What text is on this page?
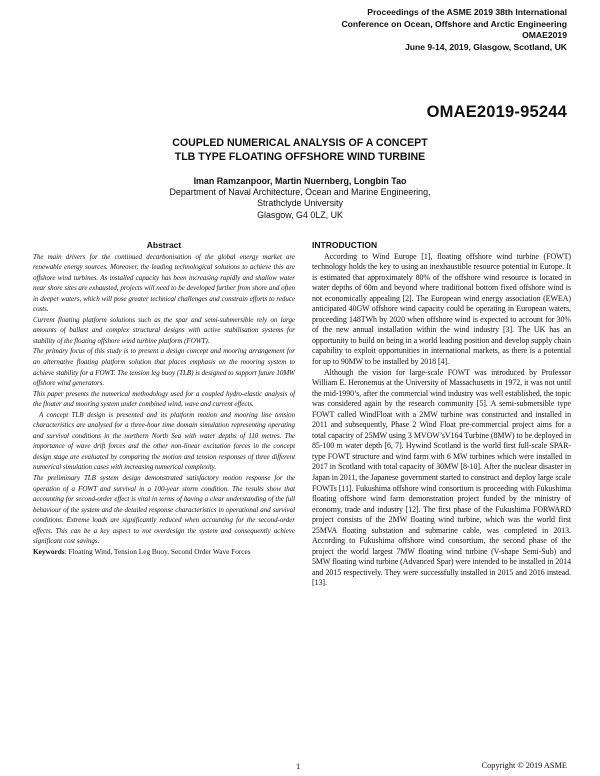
Proceedings of the ASME 2019 38th International
Conference on Ocean, Offshore and Arctic Engineering
OMAE2019
June 9-14, 2019, Glasgow, Scotland, UK
OMAE2019-95244
COUPLED NUMERICAL ANALYSIS OF A CONCEPT
TLB TYPE FLOATING OFFSHORE WIND TURBINE
Iman Ramzanpoor, Martin Nuernberg, Longbin Tao
Department of Naval Architecture, Ocean and Marine Engineering,
Strathclyde University
Glasgow, G4 0LZ, UK
Abstract

The main drivers for the continued decarbonisation of the global energy market are renewable energy sources. Moreover, the leading technological solutions to achieve this are offshore wind turbines. As installed capacity has been increasing rapidly and shallow water near shore sites are exhausted, projects will need to be developed further from shore and often in deeper waters, which will pose greater technical challenges and constrain efforts to reduce costs.

Current floating platform solutions such as the spar and semi-submersible rely on large amounts of ballast and complex structural designs with active stabilisation systems for stability of the floating offshore wind turbine platform (FOWT).

The primary focus of this study is to present a design concept and mooring arrangement for an alternative floating platform solution that places emphasis on the mooring system to achieve stability for a FOWT. The tension leg buoy (TLB) is designed to support future 10MW offshore wind generators.

This paper presents the numerical methodology used for a coupled hydro-elastic analysis of the floater and mooring system under combined wind, wave and current effects.

A concept TLB design is presented and its platform motion and mooring line tension characteristics are analysed for a three-hour time domain simulation representing operating and survival conditions in the northern North Sea with water depths of 110 metres. The importance of wave drift forces and the other non-linear excitation forces in the concept design stage are evaluated by comparing the motion and tension responses of three different numerical simulation cases with increasing numerical complexity.

The preliminary TLB system design demonstrated satisfactory motion response for the operation of a FOWT and survival in a 100-year storm condition. The results show that accounting for second-order effect is vital in terms of having a clear understanding of the full behaviour of the system and the detailed response characteristics in operational and survival conditions. Extreme loads are significantly reduced when accounting for the second-order effects. This can be a key aspect to not overdesign the system and consequently achieve significant cost savings.

Keywords: Floating Wind, Tension Leg Buoy, Second Order Wave Forces

INTRODUCTION

According to Wind Europe [1], floating offshore wind turbine (FOWT) technology holds the key to using an inexhaustible resource potential in Europe. It is estimated that approximately 80% of the offshore wind resource is located in water depths of 60m and beyond where traditional bottom fixed offshore wind is not economically appealing [2]. The European wind energy association (EWEA) anticipated 40GW offshore wind capacity could be operating in European waters, proceeding 148TWh by 2020 when offshore wind is expected to account for 30% of the new annual installation within the wind industry [3]. The UK has an opportunity to build on being in a world leading position and develop supply chain capability to exploit opportunities in international markets, as there is a potential for up to 90MW to be installed by 2018 [4].

Although the vision for large-scale FOWT was introduced by Professor William E. Heronemus at the University of Massachusetts in 1972, it was not until the mid-1990’s, after the commercial wind industry was well established, the topic was considered again by the research community [5]. A semi-submersible type FOWT called WindFloat with a 2MW turbine was constructed and installed in 2011 and subsequently, Phase 2 Wind Float pre-commercial project aims for a total capacity of 25MW using 3 MVOW’sV164 Turbine (8MW) to be deployed in 85-100 m water depth [6, 7]. Hywind Scotland is the world first full-scale SPAR-type FOWT structure and wind farm with 6 MW turbines which were installed in 2017 in Scotland with total capacity of 30MW [8-10]. After the nuclear disaster in Japan in 2011, the Japanese government started to construct and deploy large scale FOWTs [11]. Fukushima offshore wind consortium is proceeding with Fukushima floating offshore wind farm demonstration project funded by the ministry of economy, trade and industry [12]. The first phase of the Fukushima FORWARD project consists of the 2MW floating wind turbine, which was the world first 25MVA floating substation and submarine cable, was completed in 2013. According to Fukushima offshore wind consortium, the second phase of the project the world largest 7MW floating wind turbine (V-shape Semi-Sub) and 5MW floating wind turbine (Advanced Spar) were intended to be installed in 2014 and 2015 respectively. They were successfully installed in 2015 and 2016 instead. [13].

1	Copyright © 2019 ASME
